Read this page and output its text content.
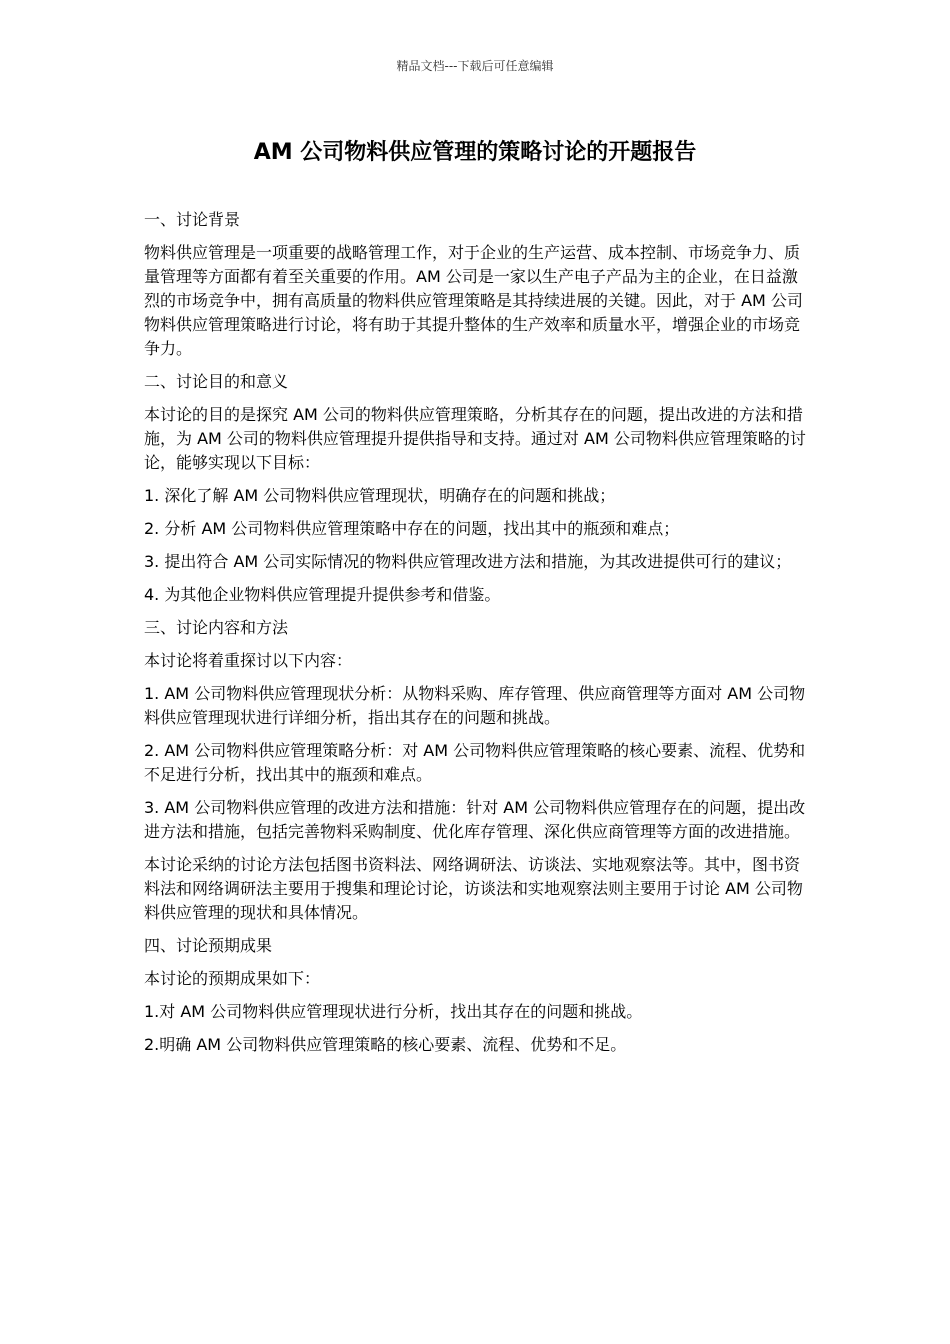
精品文档---下载后可任意编辑
AM 公司物料供应管理的策略讨论的开题报告

一、讨论背景

物料供应管理是一项重要的战略管理工作，对于企业的生产运营、成本控制、市场竞争力、质量管理等方面都有着至关重要的作用。AM 公司是一家以生产电子产品为主的企业，在日益激烈的市场竞争中，拥有高质量的物料供应管理策略是其持续进展的关键。因此，对于 AM 公司物料供应管理策略进行讨论，将有助于其提升整体的生产效率和质量水平，增强企业的市场竞争力。

二、讨论目的和意义

本讨论的目的是探究 AM 公司的物料供应管理策略，分析其存在的问题，提出改进的方法和措施，为 AM 公司的物料供应管理提升提供指导和支持。通过对 AM 公司物料供应管理策略的讨论，能够实现以下目标：

1. 深化了解 AM 公司物料供应管理现状，明确存在的问题和挑战；

2. 分析 AM 公司物料供应管理策略中存在的问题，找出其中的瓶颈和难点；

3. 提出符合 AM 公司实际情况的物料供应管理改进方法和措施，为其改进提供可行的建议；

4. 为其他企业物料供应管理提升提供参考和借鉴。

三、讨论内容和方法

本讨论将着重探讨以下内容：

1. AM 公司物料供应管理现状分析：从物料采购、库存管理、供应商管理等方面对 AM 公司物料供应管理现状进行详细分析，指出其存在的问题和挑战。

2. AM 公司物料供应管理策略分析：对 AM 公司物料供应管理策略的核心要素、流程、优势和不足进行分析，找出其中的瓶颈和难点。

3. AM 公司物料供应管理的改进方法和措施：针对 AM 公司物料供应管理存在的问题，提出改进方法和措施，包括完善物料采购制度、优化库存管理、深化供应商管理等方面的改进措施。

本讨论采纳的讨论方法包括图书资料法、网络调研法、访谈法、实地观察法等。其中，图书资料法和网络调研法主要用于搜集和理论讨论，访谈法和实地观察法则主要用于讨论 AM 公司物料供应管理的现状和具体情况。

四、讨论预期成果

本讨论的预期成果如下：

1.对 AM 公司物料供应管理现状进行分析，找出其存在的问题和挑战。

2.明确 AM 公司物料供应管理策略的核心要素、流程、优势和不足。
